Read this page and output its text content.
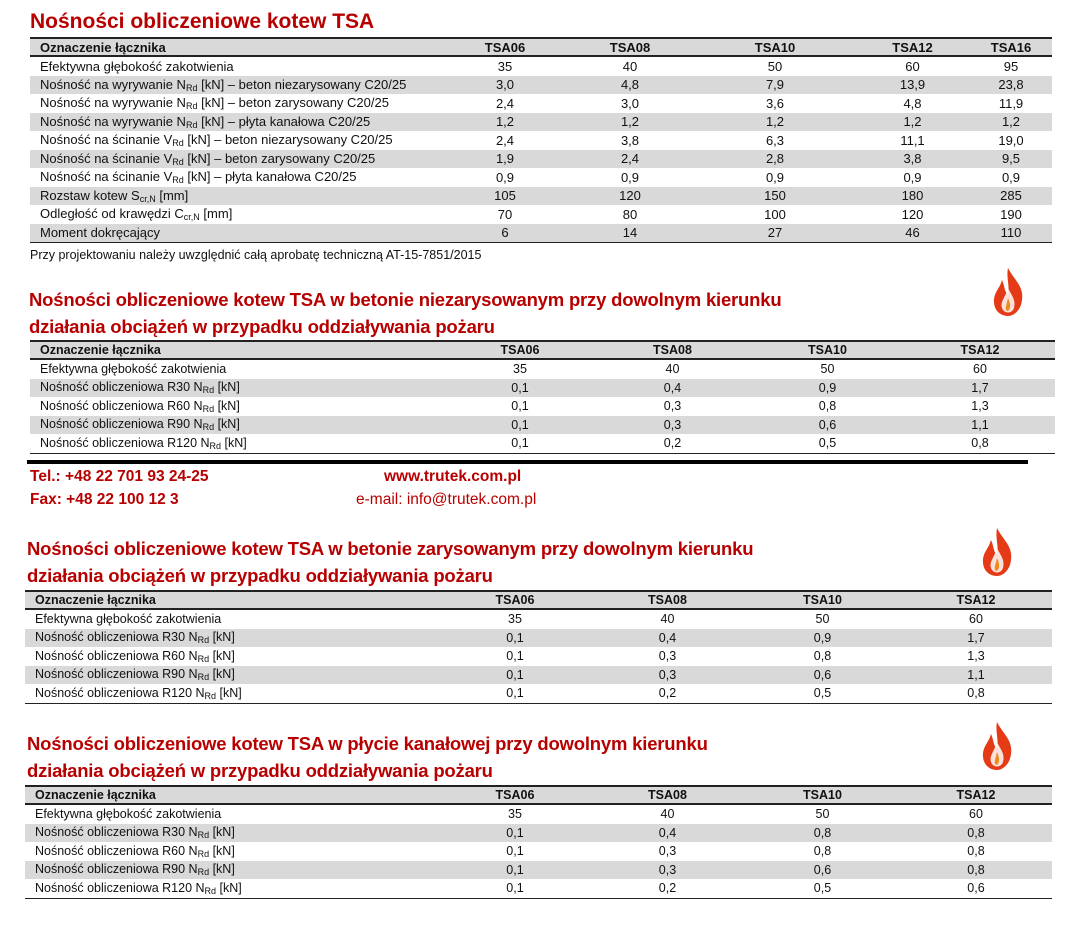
Nośności obliczeniowe kotew TSA
Oznaczenie łącznika	TSA06	TSA08	TSA10	TSA12	TSA16
Efektywna głębokość zakotwienia	35	40	50	60	95
Nośność na wyrywanie $N_{Rd}$ [kN] – beton niezarysowany C20/25	3,0	4,8	7,9	13,9	23,8
Nośność na wyrywanie $N_{Rd}$ [kN] – beton zarysowany C20/25	2,4	3,0	3,6	4,8	11,9
Nośność na wyrywanie $N_{Rd}$ [kN] – płyta kanałowa C20/25	1,2	1,2	1,2	1,2	1,2
Nośność na ścinanie $V_{Rd}$ [kN] – beton niezarysowany C20/25	2,4	3,8	6,3	11,1	19,0
Nośność na ścinanie $V_{Rd}$ [kN] – beton zarysowany C20/25	1,9	2,4	2,8	3,8	9,5
Nośność na ścinanie $V_{Rd}$ [kN] – płyta kanałowa C20/25	0,9	0,9	0,9	0,9	0,9
Rozstaw kotew $S_{cr,N}$ [mm]	105	120	150	180	285
Odległość od krawędzi $C_{cr,N}$ [mm]	70	80	100	120	190
Moment dokręcający	6	14	27	46	110
Przy projektowaniu należy uwzględnić całą aprobatę techniczną AT-15-7851/2015
Nośności obliczeniowe kotew TSA w betonie niezarysowanym przy dowolnym kierunku
działania obciążeń w przypadku oddziaływania pożaru
Oznaczenie łącznika	TSA06	TSA08	TSA10	TSA12
Efektywna głębokość zakotwienia	35	40	50	60
Nośność obliczeniowa R30 $N_{Rd}$ [kN]	0,1	0,4	0,9	1,7
Nośność obliczeniowa R60 $N_{Rd}$ [kN]	0,1	0,3	0,8	1,3
Nośność obliczeniowa R90 $N_{Rd}$ [kN]	0,1	0,3	0,6	1,1
Nośność obliczeniowa R120 $N_{Rd}$ [kN]	0,1	0,2	0,5	0,8
Tel.: +48 22 701 93 24-25
Fax: +48 22 100 12 3
www.trutek.com.pl
e-mail: info@trutek.com.pl
Nośności obliczeniowe kotew TSA w betonie zarysowanym przy dowolnym kierunku
działania obciążeń w przypadku oddziaływania pożaru
Oznaczenie łącznika	TSA06	TSA08	TSA10	TSA12
Efektywna głębokość zakotwienia	35	40	50	60
Nośność obliczeniowa R30 $N_{Rd}$ [kN]	0,1	0,4	0,9	1,7
Nośność obliczeniowa R60 $N_{Rd}$ [kN]	0,1	0,3	0,8	1,3
Nośność obliczeniowa R90 $N_{Rd}$ [kN]	0,1	0,3	0,6	1,1
Nośność obliczeniowa R120 $N_{Rd}$ [kN]	0,1	0,2	0,5	0,8
Nośności obliczeniowe kotew TSA w płycie kanałowej przy dowolnym kierunku
działania obciążeń w przypadku oddziaływania pożaru
Oznaczenie łącznika	TSA06	TSA08	TSA10	TSA12
Efektywna głębokość zakotwienia	35	40	50	60
Nośność obliczeniowa R30 $N_{Rd}$ [kN]	0,1	0,4	0,8	0,8
Nośność obliczeniowa R60 $N_{Rd}$ [kN]	0,1	0,3	0,8	0,8
Nośność obliczeniowa R90 $N_{Rd}$ [kN]	0,1	0,3	0,6	0,8
Nośność obliczeniowa R120 $N_{Rd}$ [kN]	0,1	0,2	0,5	0,6
